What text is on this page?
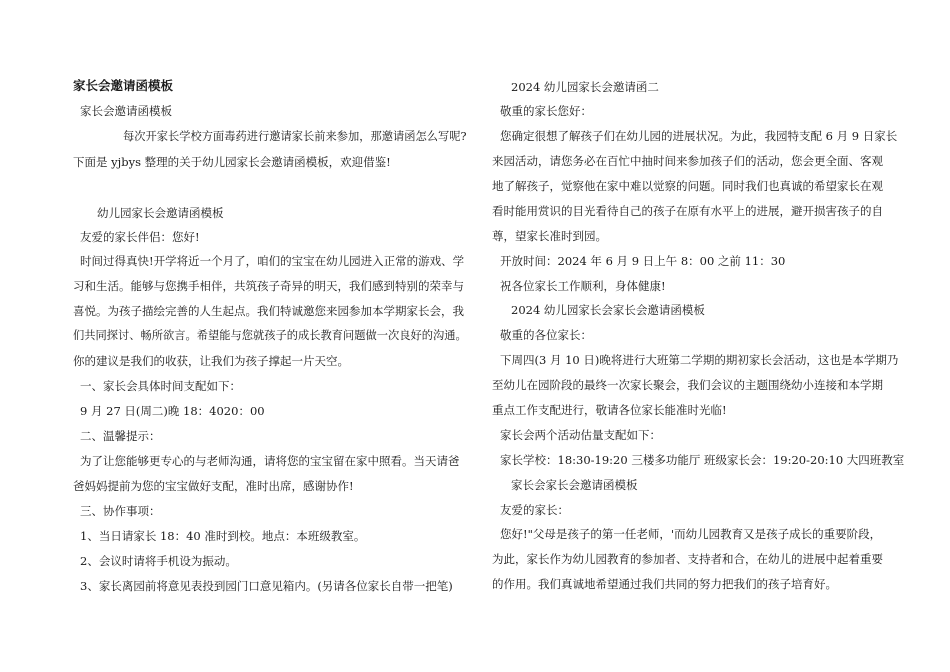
家长会邀请函模板
家长会邀请函模板
每次开家长学校方面毒药进行邀请家长前来参加，那邀请函怎么写呢?
下面是 yjbys 整理的关于幼儿园家长会邀请函模板，欢迎借鉴!
幼儿园家长会邀请函模板
友爱的家长伴侣：您好!
时间过得真快!开学将近一个月了，咱们的宝宝在幼儿园进入正常的游戏、学
习和生活。能够与您携手相伴，共筑孩子奇异的明天，我们感到特别的荣幸与
喜悦。为孩子描绘完善的人生起点。我们特诚邀您来园参加本学期家长会，我
们共同探讨、畅所欲言。希望能与您就孩子的成长教育问题做一次良好的沟通。
你的建议是我们的收获，让我们为孩子撑起一片天空。
一、家长会具体时间支配如下：
9 月 27 日(周二)晚 18：4020：00
二、温馨提示：
为了让您能够更专心的与老师沟通，请将您的宝宝留在家中照看。当天请爸
爸妈妈提前为您的宝宝做好支配，准时出席，感谢协作!
三、协作事项：
1、当日请家长 18：40 准时到校。地点：本班级教室。
2、会议时请将手机设为振动。
3、家长离园前将意见表投到园门口意见箱内。(另请各位家长自带一把笔)
2024 幼儿园家长会邀请函二
敬重的家长您好：
您确定很想了解孩子们在幼儿园的进展状况。为此，我园特支配 6 月 9 日家长
来园活动，请您务必在百忙中抽时间来参加孩子们的活动，您会更全面、客观
地了解孩子，觉察他在家中难以觉察的问题。同时我们也真诚的希望家长在观
看时能用赏识的目光看待自己的孩子在原有水平上的进展，避开损害孩子的自
尊，望家长准时到园。
开放时间：2024 年 6 月 9 日上午 8：00 之前 11：30
祝各位家长工作顺利，身体健康!
2024 幼儿园家长会家长会邀请函模板
敬重的各位家长：
下周四(3 月 10 日)晚将进行大班第二学期的期初家长会活动，这也是本学期乃
至幼儿在园阶段的最终一次家长聚会，我们会议的主题围绕幼小连接和本学期
重点工作支配进行，敬请各位家长能准时光临!
家长会两个活动估量支配如下：
家长学校：18:30-19:20 三楼多功能厅 班级家长会：19:20-20:10 大四班教室
家长会家长会邀请函模板
友爱的家长：
您好!"父母是孩子的第一任老师，'而幼儿园教育又是孩子成长的重要阶段，
为此，家长作为幼儿园教育的参加者、支持者和合，在幼儿的进展中起着重要
的作用。我们真诚地希望通过我们共同的努力把我们的孩子培育好。
